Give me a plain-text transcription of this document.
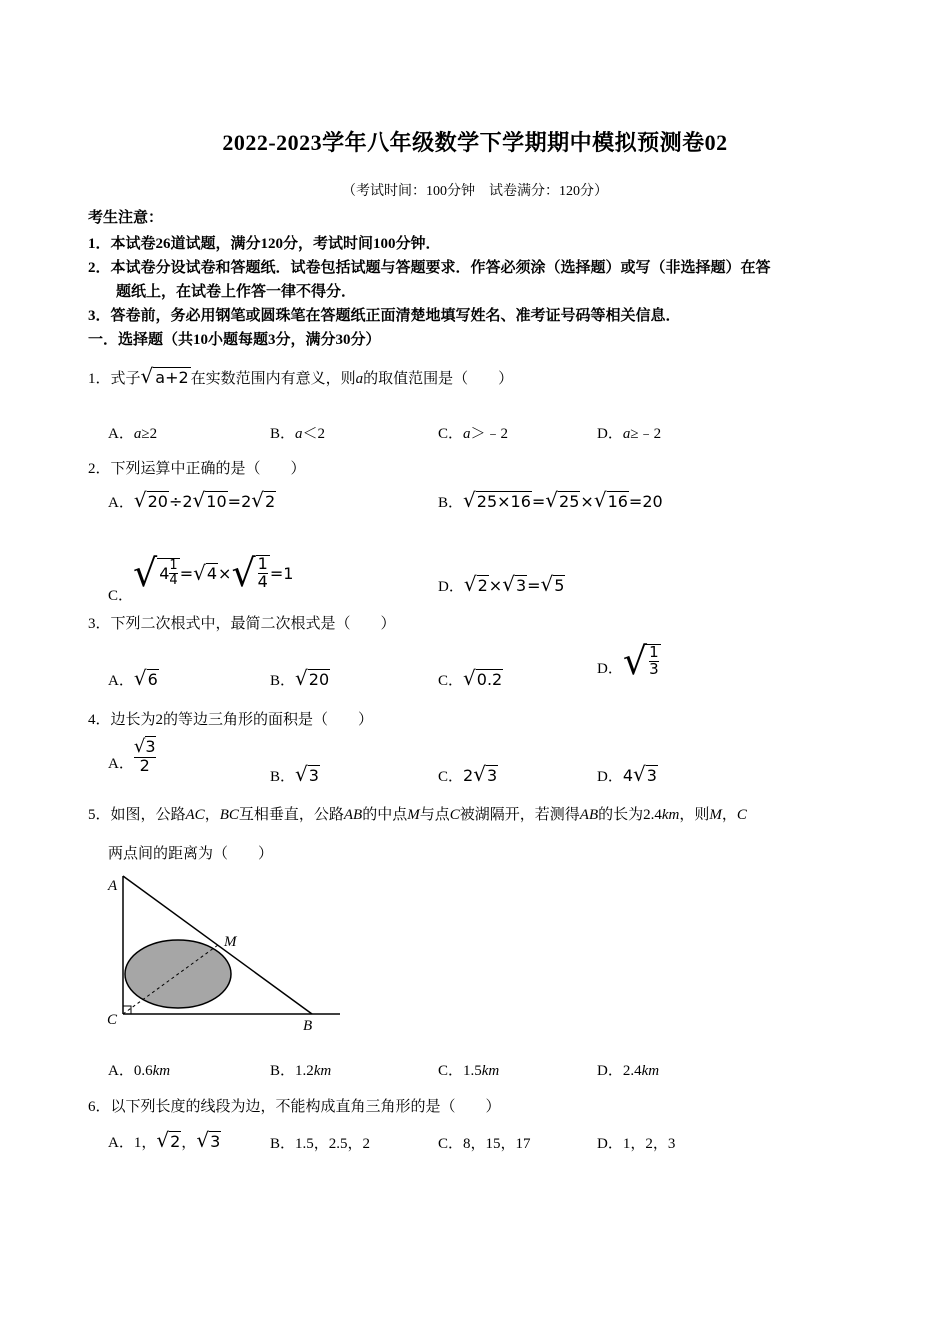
2022-2023学年八年级数学下学期期中模拟预测卷02
（考试时间：100分钟　试卷满分：120分）
考生注意：
1．本试卷26道试题，满分120分，考试时间100分钟．
2．本试卷分设试卷和答题纸．试卷包括试题与答题要求．作答必须涂（选择题）或写（非选择题）在答
题纸上，在试卷上作答一律不得分．
3．答卷前，务必用钢笔或圆珠笔在答题纸正面清楚地填写姓名、准考证号码等相关信息．
一．选择题（共10小题每题3分，满分30分）
1．式子√ a+2 在实数范围内有意义，则a的取值范围是（　　）
A．a≥2	B．a＜2	C．a＞﹣2	D．a≥﹣2
2．下列运算中正确的是（　　）
A．√20÷2√10=2√2	B．√25×16=√25×√16=20
C．
√ $4 \frac{1}{4}$ = √ 4 × √ $\frac{1}{4} =1$
D．√2×√3=√5
3．下列二次根式中，最简二次根式是（　　）
A．√6	B．√20	C．√0.2
D． √ $\frac{1}{3}$
4．边长为2的等边三角形的面积是（　　）
A． $\frac{√3}{2}$
B．√3	C．2√3	D．4√3
5．如图，公路AC，BC互相垂直，公路AB的中点M与点C被湖隔开，若测得AB的长为2.4km，则M，C
两点间的距离为（　　）
A
C	B
M
A．0.6km	B．1.2km	C．1.5km	D．2.4km
6．以下列长度的线段为边，不能构成直角三角形的是（　　）
A．1，√2，√3	B．1.5，2.5，2	C．8，15，17	D．1，2，3
